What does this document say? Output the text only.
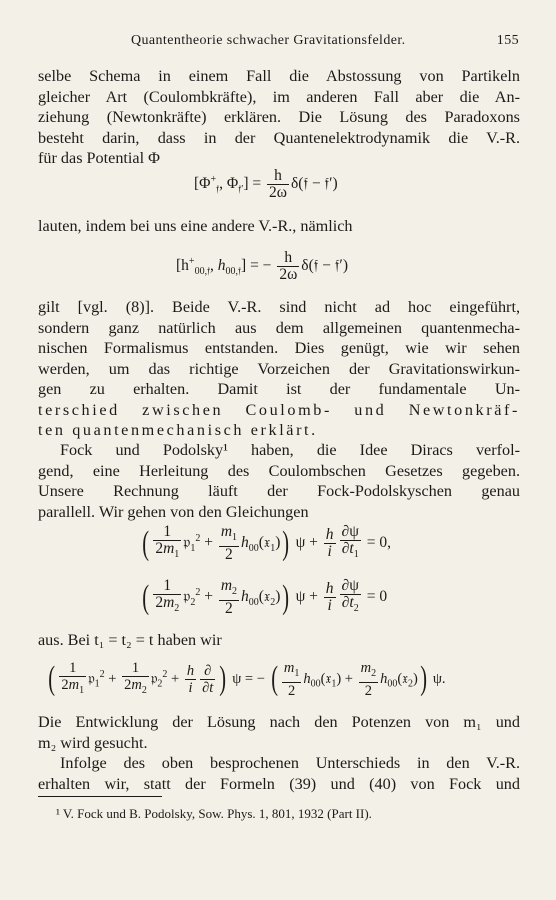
Quantentheorie schwacher Gravitationsfelder.	155
selbe Schema in einem Fall die Abstossung von Partikeln
gleicher Art (Coulombkräfte), im anderen Fall aber die An-
ziehung (Newtonkräfte) erklären. Die Lösung des Paradoxons
besteht darin, dass in der Quantenelektrodynamik die V.-R.
für das Potential Φ
[$\Phi^+_𝔣$, $\Phi_{𝔣'}] = \frac{h}{2\omega}$ δ(𝔣 − 𝔣′)
lauten, indem bei uns eine andere V.-R., nämlich
[$h^+_{00,𝔣}$, $h_{00,𝔣}$] = − $\frac{h}{2\omega}$ δ(𝔣 − 𝔣′)
gilt [vgl. (8)]. Beide V.-R. sind nicht ad hoc eingeführt,
sondern ganz natürlich aus dem allgemeinen quantenmecha-
nischen Formalismus entstanden. Dies genügt, wie wir sehen
werden, um das richtige Vorzeichen der Gravitationswirkun-
gen zu erhalten. Damit ist der fundamentale Un-
terschied zwischen Coulomb- und Newtonkräf-
ten quantenmechanisch erklärt.
Fock und Podolsky¹ haben, die Idee Diracs verfol-
gend, eine Herleitung des Coulombschen Gesetzes gegeben.
Unsere Rechnung läuft der Fock-Podolskyschen genau
parallell. Wir gehen von den Gleichungen
( $\frac{1}{2m_1}$ 𝔭$_1^2$ + $\frac{m_1}{2}$ $h_{00}(𝔵_1)$) $\psi + \frac{h}{i} \frac{\partial\psi}{\partial t_1} = 0$,
( $\frac{1}{2m_2}$ 𝔭$_2^2$ + $\frac{m_2}{2}$ $h_{00}(𝔵_2)$) $\psi + \frac{h}{i} \frac{\partial\psi}{\partial t_2} = 0$
aus. Bei t₁ = t₂ = t haben wir
( $\frac{1}{2m_1}$ 𝔭$_1^2$ + $\frac{1}{2m_2}$ 𝔭$_2^2$ + $\frac{h}{i} \frac{\partial}{\partial t}$ ) ψ = − ( $\frac{m_1}{2}$ $h_{00}(𝔵_1) + \frac{m_2}{2}$ $h_{00}(𝔵_2)$) ψ.
Die Entwicklung der Lösung nach den Potenzen von m₁ und
m₂ wird gesucht.
Infolge des oben besprochenen Unterschieds in den V.-R.
erhalten wir, statt der Formeln (39) und (40) von Fock und
¹ V. Fock und B. Podolsky, Sow. Phys. 1, 801, 1932 (Part II).
